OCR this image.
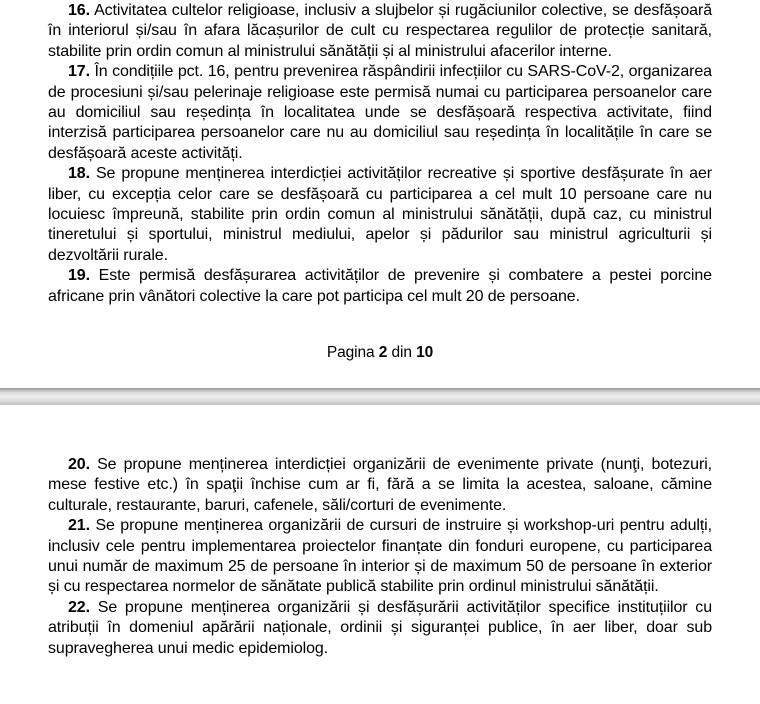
16. Activitatea cultelor religioase, inclusiv a slujbelor și rugăciunilor colective, se desfășoară în interiorul și/sau în afara lăcașurilor de cult cu respectarea regulilor de protecție sanitară, stabilite prin ordin comun al ministrului sănătății și al ministrului afacerilor interne.

17. În condițiile pct. 16, pentru prevenirea răspândirii infecțiilor cu SARS-CoV-2, organizarea de procesiuni și/sau pelerinaje religioase este permisă numai cu participarea persoanelor care au domiciliul sau reședința în localitatea unde se desfășoară respectiva activitate, fiind interzisă participarea persoanelor care nu au domiciliul sau reședința în localitățile în care se desfășoară aceste activități.

18. Se propune menținerea interdicției activităților recreative și sportive desfășurate în aer liber, cu excepția celor care se desfășoară cu participarea a cel mult 10 persoane care nu locuiesc împreună, stabilite prin ordin comun al ministrului sănătății, după caz, cu ministrul tineretului și sportului, ministrul mediului, apelor și pădurilor sau ministrul agriculturii și dezvoltării rurale.

19. Este permisă desfășurarea activităților de prevenire și combatere a pestei porcine africane prin vânători colective la care pot participa cel mult 20 de persoane.

Pagina 2 din 10

20. Se propune menținerea interdicției organizării de evenimente private (nunţi, botezuri, mese festive etc.) în spaţii închise cum ar fi, fără a se limita la acestea, saloane, cămine culturale, restaurante, baruri, cafenele, săli/corturi de evenimente.

21. Se propune menținerea organizării de cursuri de instruire și workshop-uri pentru adulți, inclusiv cele pentru implementarea proiectelor finanțate din fonduri europene, cu participarea unui număr de maximum 25 de persoane în interior și de maximum 50 de persoane în exterior și cu respectarea normelor de sănătate publică stabilite prin ordinul ministrului sănătății.

22. Se propune menținerea organizării și desfășurării activităților specifice instituțiilor cu atribuții în domeniul apărării naționale, ordinii și siguranței publice, în aer liber, doar sub supravegherea unui medic epidemiolog.
